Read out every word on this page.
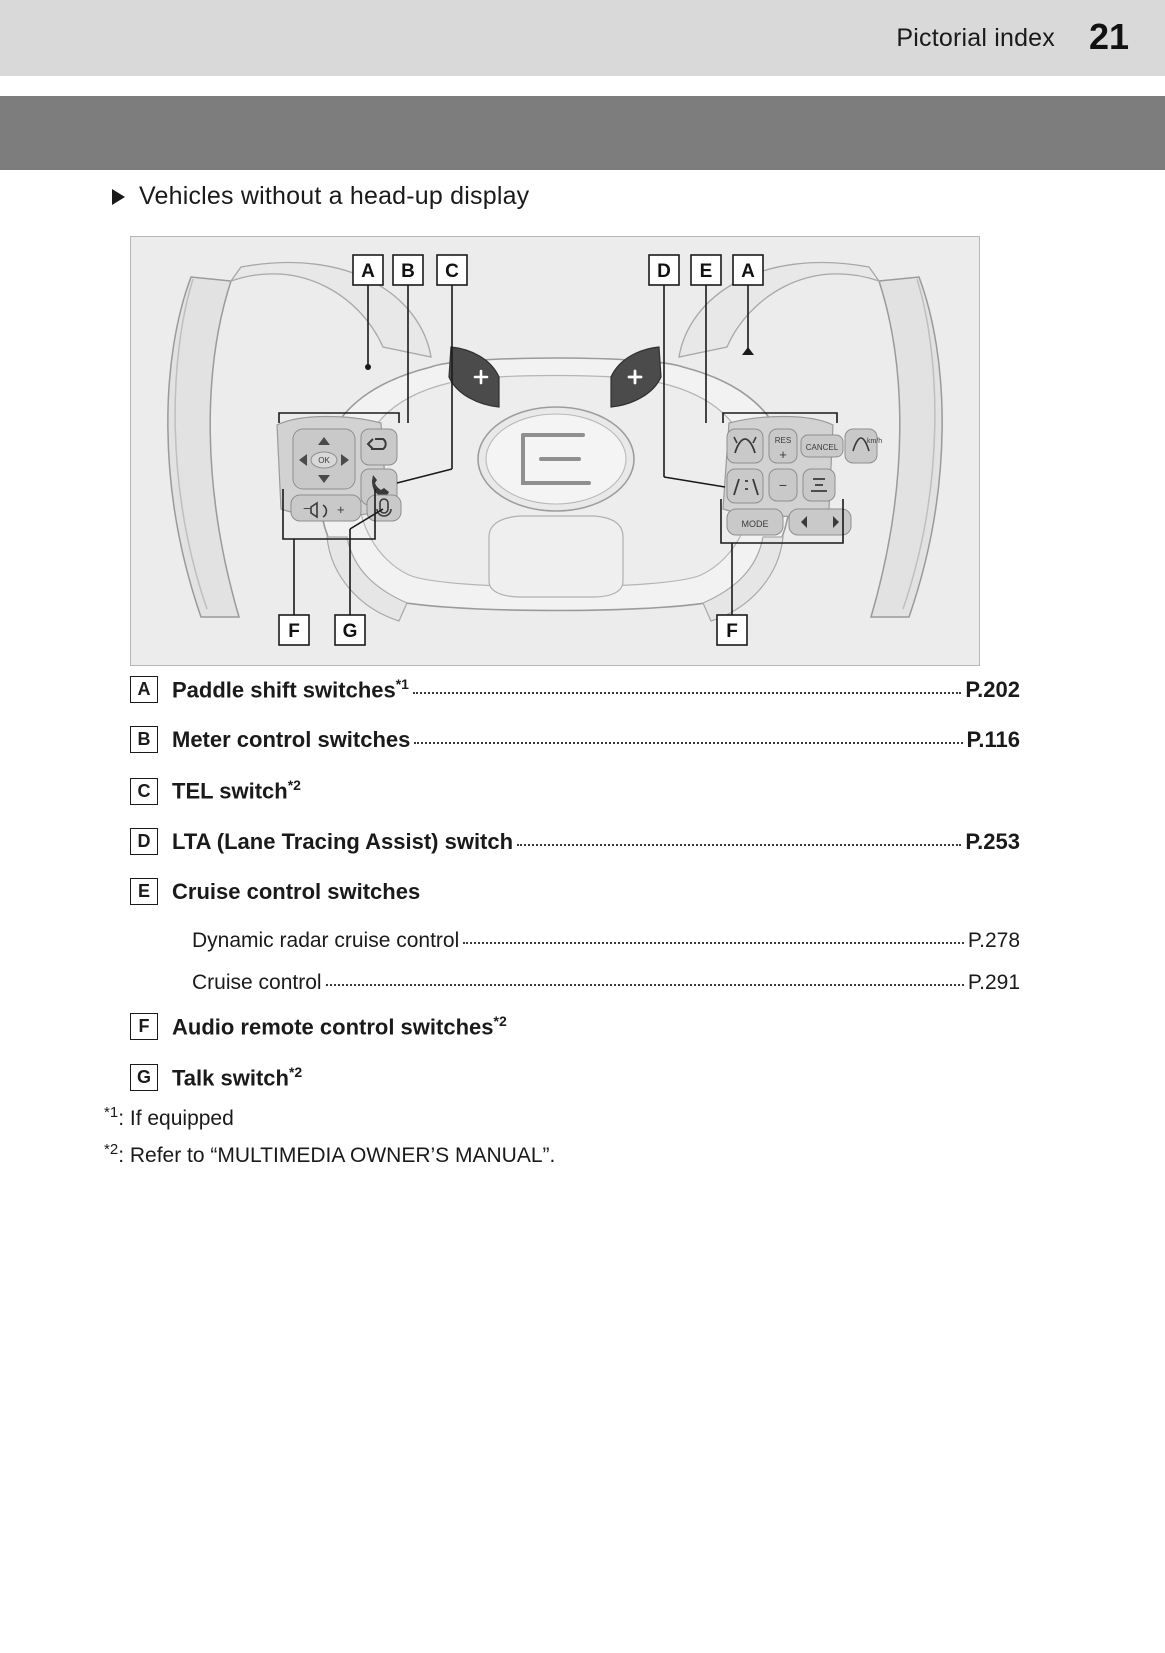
Pictorial index 21
Vehicles without a head-up display
OK
− +
RES
+ CANCEL
−
km/h
MODE
A B C	D E A
F G	F
A Paddle shift switches$^{*1}$	P.202
B Meter control switches	P.116
C TEL switch$^{*2}$
D LTA (Lane Tracing Assist) switch	P.253
E	Cruise control switches
Dynamic radar cruise control	P.278
Cruise control	P.291
F	Audio remote control switches$^{*2}$
G Talk switch$^{*2}$
$^{*1}$: If equipped
$^{*2}$: Refer to “MULTIMEDIA OWNER’S MANUAL”.
